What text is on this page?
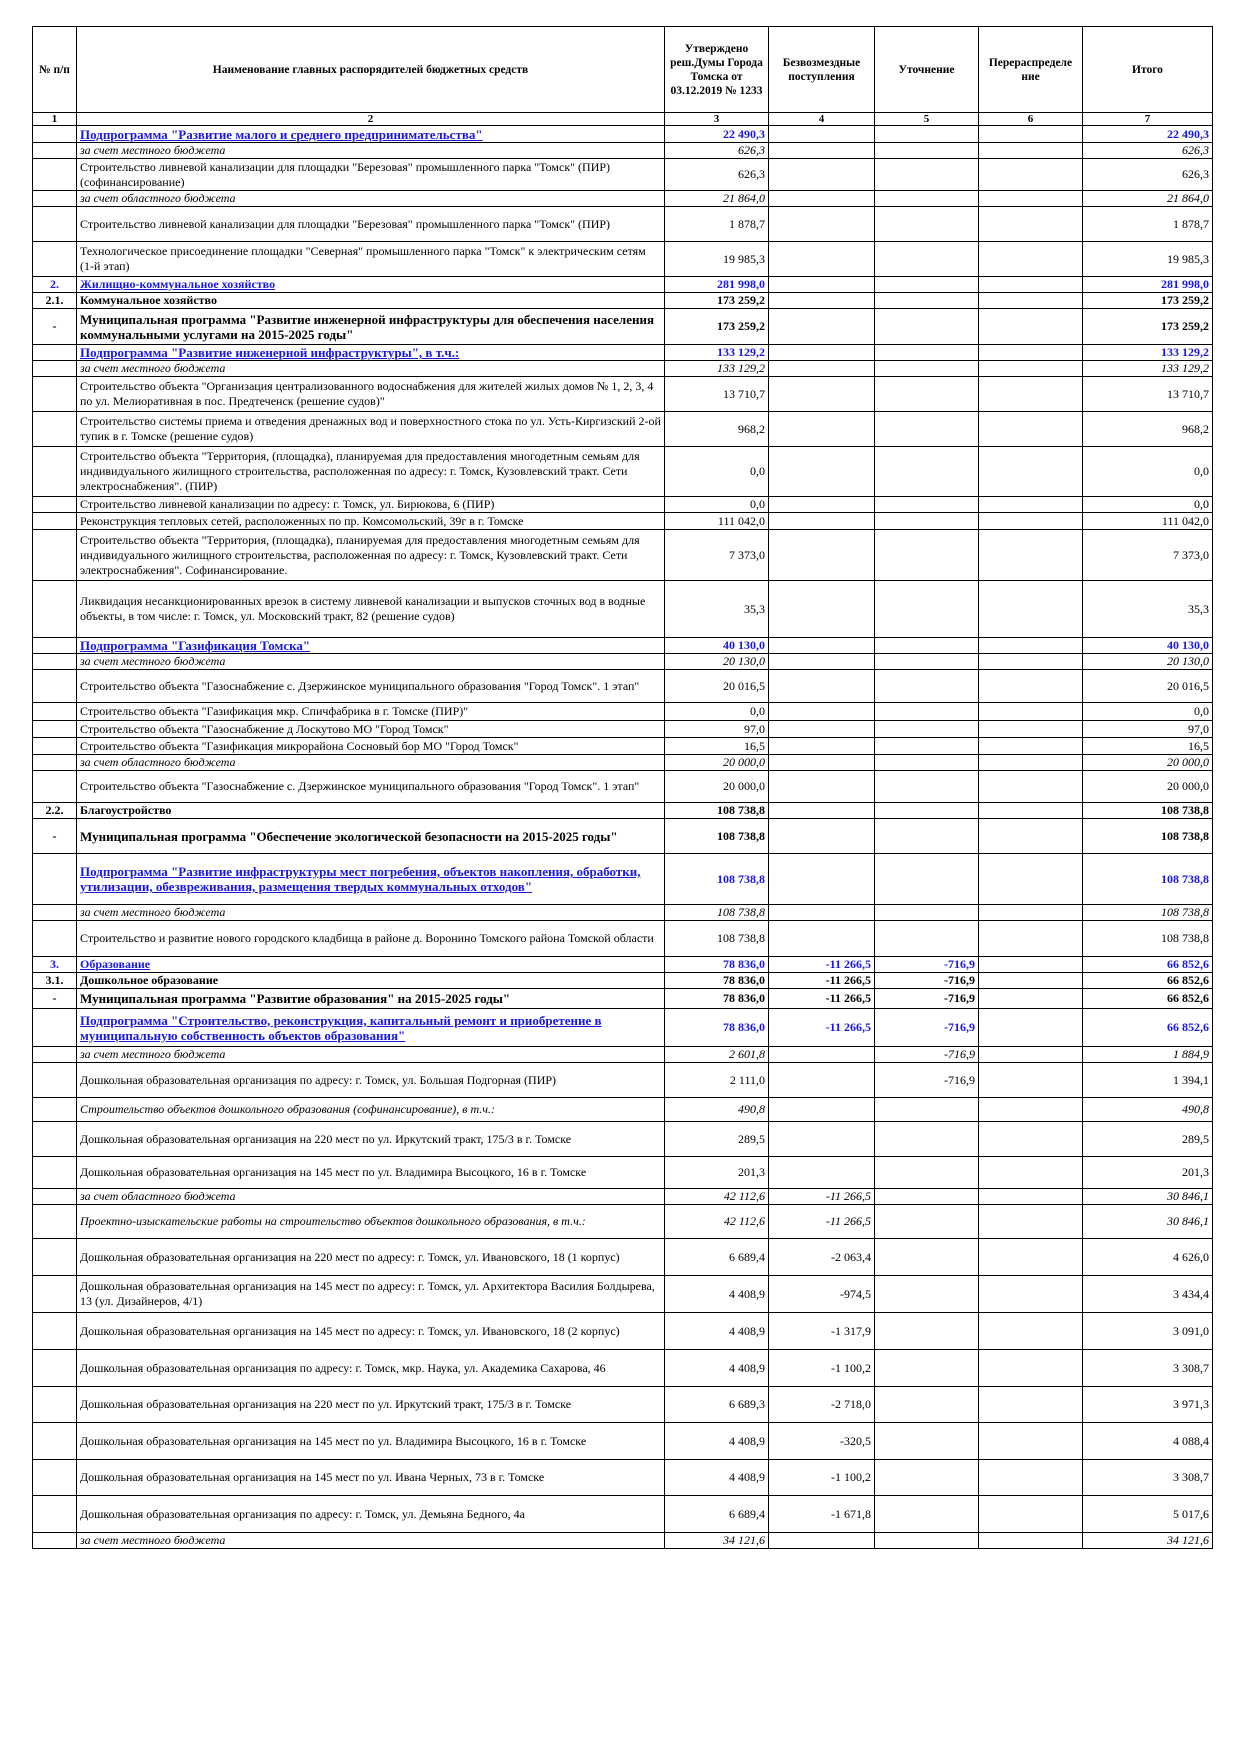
№ п/п	Наименование главных распорядителей бюджетных средств	Утверждено реш.Думы Города Томска от 03.12.2019 № 1233	Безвозмездные поступления	Уточнение	Перераспределе ние	Итого
1	2	3	4	5	6	7
	Подпрограмма "Развитие малого и среднего предпринимательства"	22 490,3				22 490,3
	за счет местного бюджета	626,3				626,3
	Строительство ливневой канализации для площадки "Березовая" промышленного парка "Томск" (ПИР) (софинансирование)	626,3				626,3
	за счет областного бюджета	21 864,0				21 864,0
	Строительство ливневой канализации для площадки "Березовая" промышленного парка "Томск" (ПИР)	1 878,7				1 878,7
	Технологическое присоединение площадки "Северная" промышленного парка "Томск" к электрическим сетям (1-й этап)	19 985,3				19 985,3
2.	Жилищно-коммунальное хозяйство	281 998,0				281 998,0
2.1.	Коммунальное хозяйство	173 259,2				173 259,2
-	Муниципальная программа "Развитие инженерной инфраструктуры для обеспечения населения коммунальными услугами на 2015-2025 годы"	173 259,2				173 259,2
	Подпрограмма "Развитие инженерной инфраструктуры", в т.ч.:	133 129,2				133 129,2
	за счет местного бюджета	133 129,2				133 129,2
	Строительство объекта "Организация централизованного водоснабжения для жителей жилых домов № 1, 2, 3, 4 по ул. Мелиоративная в пос. Предтеченск (решение судов)"	13 710,7				13 710,7
	Строительство системы приема и отведения дренажных вод и поверхностного стока по ул. Усть-Киргизский 2-ой тупик в г. Томске (решение судов)	968,2				968,2
	Строительство объекта "Территория, (площадка), планируемая для предоставления многодетным семьям для индивидуального жилищного строительства, расположенная по адресу: г. Томск, Кузовлевский тракт. Сети электроснабжения". (ПИР)	0,0				0,0
	Строительство ливневой канализации по адресу: г. Томск, ул. Бирюкова, 6 (ПИР)	0,0				0,0
	Реконструкция тепловых сетей, расположенных по пр. Комсомольский, 39г в г. Томске	111 042,0				111 042,0
	Строительство объекта "Территория, (площадка), планируемая для предоставления многодетным семьям для индивидуального жилищного строительства, расположенная по адресу: г. Томск, Кузовлевский тракт. Сети электроснабжения". Софинансирование.	7 373,0				7 373,0
	Ликвидация несанкционированных врезок в систему ливневой канализации и выпусков сточных вод в водные объекты, в том числе: г. Томск, ул. Московский тракт, 82 (решение судов)	35,3				35,3
	Подпрограмма "Газификация Томска"	40 130,0				40 130,0
	за счет местного бюджета	20 130,0				20 130,0
	Строительство объекта "Газоснабжение с. Дзержинское муниципального образования "Город Томск". 1 этап"	20 016,5				20 016,5
	Строительство объекта "Газификация мкр. Спичфабрика в г. Томске (ПИР)"	0,0				0,0
	Строительство объекта "Газоснабжение д Лоскутово МО "Город Томск"	97,0				97,0
	Строительство объекта "Газификация микрорайона Сосновый бор МО "Город Томск"	16,5				16,5
	за счет областного бюджета	20 000,0				20 000,0
	Строительство объекта "Газоснабжение с. Дзержинское муниципального образования "Город Томск". 1 этап"	20 000,0				20 000,0
2.2.	Благоустройство	108 738,8				108 738,8
-	Муниципальная программа "Обеспечение экологической безопасности на 2015-2025 годы"	108 738,8				108 738,8
	Подпрограмма "Развитие инфраструктуры мест погребения, объектов накопления, обработки, утилизации, обезвреживания, размещения твердых коммунальных отходов"	108 738,8				108 738,8
	за счет местного бюджета	108 738,8				108 738,8
	Строительство и развитие нового городского кладбища в районе д. Воронино Томского района Томской области	108 738,8				108 738,8
3.	Образование	78 836,0	-11 266,5	-716,9		66 852,6
3.1.	Дошкольное образование	78 836,0	-11 266,5	-716,9		66 852,6
-	Муниципальная программа "Развитие образования" на 2015-2025 годы"	78 836,0	-11 266,5	-716,9		66 852,6
	Подпрограмма "Строительство, реконструкция, капитальный ремонт и приобретение в муниципальную собственность объектов образования"	78 836,0	-11 266,5	-716,9		66 852,6
	за счет местного бюджета	2 601,8		-716,9		1 884,9
	Дошкольная образовательная организация по адресу: г. Томск, ул. Большая Подгорная (ПИР)	2 111,0		-716,9		1 394,1
	Строительство объектов дошкольного образования (софинансирование), в т.ч.:	490,8				490,8
	Дошкольная образовательная организация на 220 мест по ул. Иркутский тракт, 175/3 в г. Томске	289,5				289,5
	Дошкольная образовательная организация на 145 мест по ул. Владимира Высоцкого, 16 в г. Томске	201,3				201,3
	за счет областного бюджета	42 112,6	-11 266,5			30 846,1
	Проектно-изыскательские работы на строительство объектов дошкольного образования, в т.ч.:	42 112,6	-11 266,5			30 846,1
	Дошкольная образовательная организация на 220 мест по адресу: г. Томск, ул. Ивановского, 18 (1 корпус)	6 689,4	-2 063,4			4 626,0
	Дошкольная образовательная организация на 145 мест по адресу: г. Томск, ул. Архитектора Василия Болдырева, 13 (ул. Дизайнеров, 4/1)	4 408,9	-974,5			3 434,4
	Дошкольная образовательная организация на 145 мест по адресу: г. Томск, ул. Ивановского, 18 (2 корпус)	4 408,9	-1 317,9			3 091,0
	Дошкольная образовательная организация по адресу: г. Томск, мкр. Наука, ул. Академика Сахарова, 46	4 408,9	-1 100,2			3 308,7
	Дошкольная образовательная организация на 220 мест по ул. Иркутский тракт, 175/3 в г. Томске	6 689,3	-2 718,0			3 971,3
	Дошкольная образовательная организация на 145 мест по ул. Владимира Высоцкого, 16 в г. Томске	4 408,9	-320,5			4 088,4
	Дошкольная образовательная организация на 145 мест по ул. Ивана Черных, 73 в г. Томске	4 408,9	-1 100,2			3 308,7
	Дошкольная образовательная организация по адресу: г. Томск, ул. Демьяна Бедного, 4а	6 689,4	-1 671,8			5 017,6
	за счет местного бюджета	34 121,6				34 121,6
